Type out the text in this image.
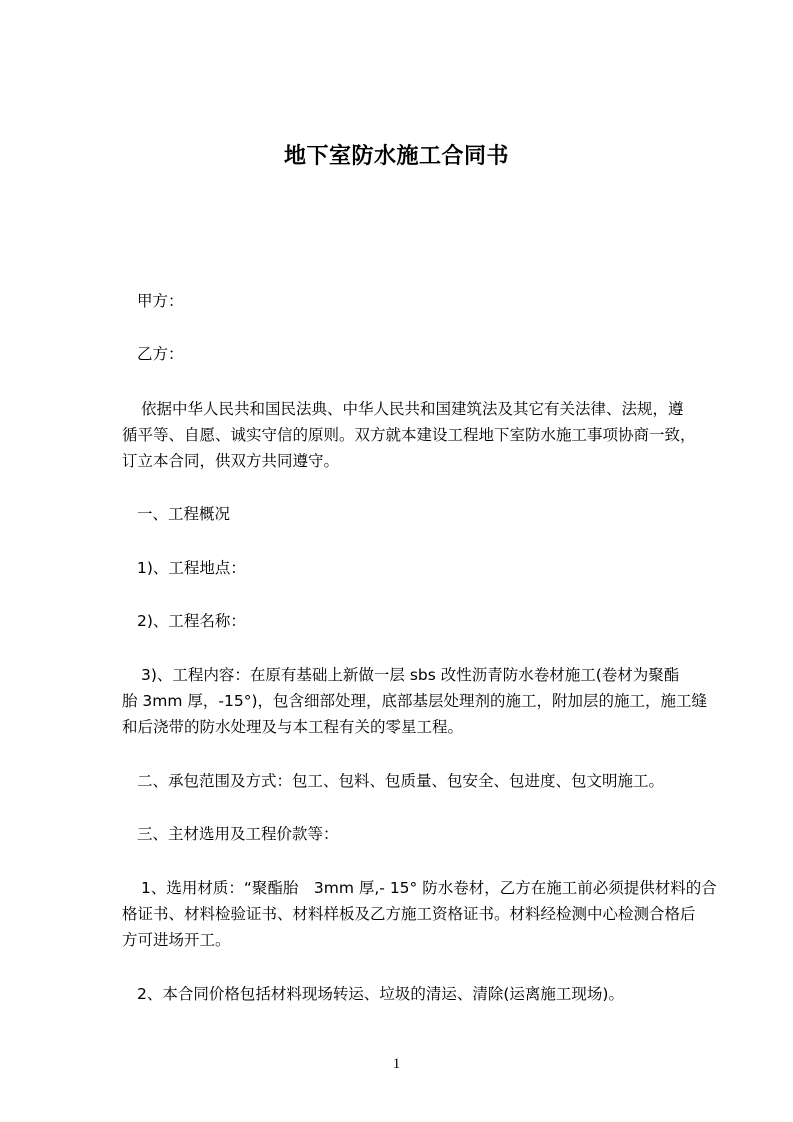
地下室防水施工合同书
甲方：
乙方：
依据中华人民共和国民法典、中华人民共和国建筑法及其它有关法律、法规，遵
循平等、自愿、诚实守信的原则。双方就本建设工程地下室防水施工事项协商一致，
订立本合同，供双方共同遵守。
一、工程概况
1)、工程地点：
2)、工程名称：
3)、工程内容：在原有基础上新做一层 sbs 改性沥青防水卷材施工(卷材为聚酯
胎 3mm 厚，-15°)，包含细部处理，底部基层处理剂的施工，附加层的施工，施工缝
和后浇带的防水处理及与本工程有关的零星工程。
二、承包范围及方式：包工、包料、包质量、包安全、包进度、包文明施工。
三、主材选用及工程价款等：
1、选用材质：“聚酯胎　3mm 厚,- 15° 防水卷材，乙方在施工前必须提供材料的合
格证书、材料检验证书、材料样板及乙方施工资格证书。材料经检测中心检测合格后
方可进场开工。
2、本合同价格包括材料现场转运、垃圾的清运、清除(运离施工现场)。
1
